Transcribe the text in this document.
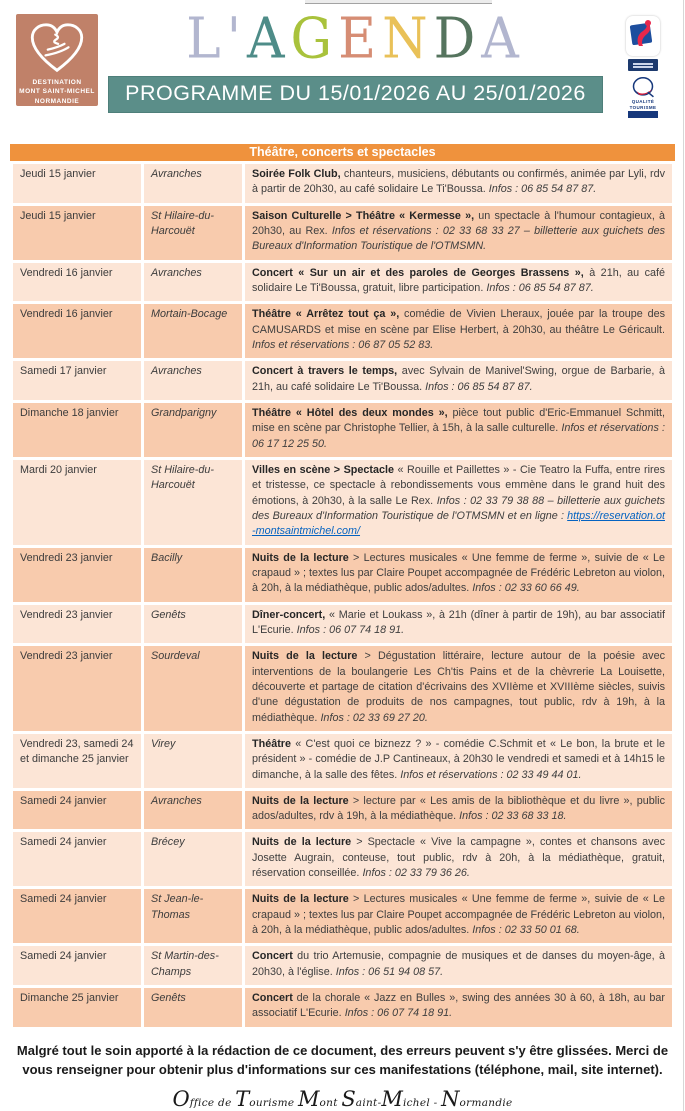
DESTINATION
MONT SAINT-MICHEL
NORMANDIE
L'AGENDA
PROGRAMME DU 15/01/2026 AU 25/01/2026	QUALITÉ TOURISME
Théâtre, concerts et spectacles
Jeudi 15 janvier	Avranches	Soirée Folk Club, chanteurs, musiciens, débutants ou confirmés, animée par Lyli, rdv à partir de 20h30, au café solidaire Le Ti'Boussa. Infos : 06 85 54 87 87.
Jeudi 15 janvier	St Hilaire-du-Harcouët	Saison Culturelle > Théâtre « Kermesse », un spectacle à l'humour contagieux, à 20h30, au Rex. Infos et réservations : 02 33 68 33 27 – billetterie aux guichets des Bureaux d'Information Touristique de l'OTMSMN.
Vendredi 16 janvier	Avranches	Concert « Sur un air et des paroles de Georges Brassens », à 21h, au café solidaire Le Ti'Boussa, gratuit, libre participation. Infos : 06 85 54 87 87.
Vendredi 16 janvier	Mortain-Bocage	Théâtre « Arrêtez tout ça », comédie de Vivien Lheraux, jouée par la troupe des CAMUSARDS et mise en scène par Elise Herbert, à 20h30, au théâtre Le Géricault. Infos et réservations : 06 87 05 52 83.
Samedi 17 janvier	Avranches	Concert à travers le temps, avec Sylvain de Manivel'Swing, orgue de Barbarie, à 21h, au café solidaire Le Ti'Boussa. Infos : 06 85 54 87 87.
Dimanche 18 janvier	Grandparigny	Théâtre « Hôtel des deux mondes », pièce tout public d'Eric-Emmanuel Schmitt, mise en scène par Christophe Tellier, à 15h, à la salle culturelle. Infos et réservations : 06 17 12 25 50.
Mardi 20 janvier	St Hilaire-du-Harcouët	Villes en scène > Spectacle « Rouille et Paillettes » - Cie Teatro la Fuffa, entre rires et tristesse, ce spectacle à rebondissements vous emmène dans le grand huit des émotions, à 20h30, à la salle Le Rex. Infos : 02 33 79 38 88 – billetterie aux guichets des Bureaux d'Information Touristique de l'OTMSMN et en ligne : https://reservation.ot-montsaintmichel.com/
Vendredi 23 janvier	Bacilly	Nuits de la lecture > Lectures musicales « Une femme de ferme », suivie de « Le crapaud » ; textes lus par Claire Poupet accompagnée de Frédéric Lebreton au violon, à 20h, à la médiathèque, public ados/adultes. Infos : 02 33 60 66 49.
Vendredi 23 janvier	Genêts	Dîner-concert, « Marie et Loukass », à 21h (dîner à partir de 19h), au bar associatif L'Ecurie. Infos : 06 07 74 18 91.
Vendredi 23 janvier	Sourdeval	Nuits de la lecture > Dégustation littéraire, lecture autour de la poésie avec interventions de la boulangerie Les Ch'tis Pains et de la chèvrerie La Louisette, découverte et partage de citation d'écrivains des XVIIème et XVIIIème siècles, suivis d'une dégustation de produits de nos campagnes, tout public, rdv à 19h, à la médiathèque. Infos : 02 33 69 27 20.
Vendredi 23, samedi 24 et dimanche 25 janvier	Virey	Théâtre « C'est quoi ce biznezz ? » - comédie C.Schmit et « Le bon, la brute et le président » - comédie de J.P Cantineaux, à 20h30 le vendredi et samedi et à 14h15 le dimanche, à la salle des fêtes. Infos et réservations : 02 33 49 44 01.
Samedi 24 janvier	Avranches	Nuits de la lecture > lecture par « Les amis de la bibliothèque et du livre », public ados/adultes, rdv à 19h, à la médiathèque. Infos : 02 33 68 33 18.
Samedi 24 janvier	Brécey	Nuits de la lecture > Spectacle « Vive la campagne », contes et chansons avec Josette Augrain, conteuse, tout public, rdv à 20h, à la médiathèque, gratuit, réservation conseillée. Infos : 02 33 79 36 26.
Samedi 24 janvier	St Jean-le-Thomas	Nuits de la lecture > Lectures musicales « Une femme de ferme », suivie de « Le crapaud » ; textes lus par Claire Poupet accompagnée de Frédéric Lebreton au violon, à 20h, à la médiathèque, public ados/adultes. Infos : 02 33 50 01 68.
Samedi 24 janvier	St Martin-des-Champs	Concert du trio Artemusie, compagnie de musiques et de danses du moyen-âge, à 20h30, à l'église. Infos : 06 51 94 08 57.
Dimanche 25 janvier	Genêts	Concert de la chorale « Jazz en Bulles », swing des années 30 à 60, à 18h, au bar associatif L'Ecurie. Infos : 06 07 74 18 91.
Malgré tout le soin apporté à la rédaction de ce document, des erreurs peuvent s'y être glissées. Merci de vous renseigner pour obtenir plus d'informations sur ces manifestations (téléphone, mail, site internet).
Office de Tourisme Mont Saint-Michel - Normandie
